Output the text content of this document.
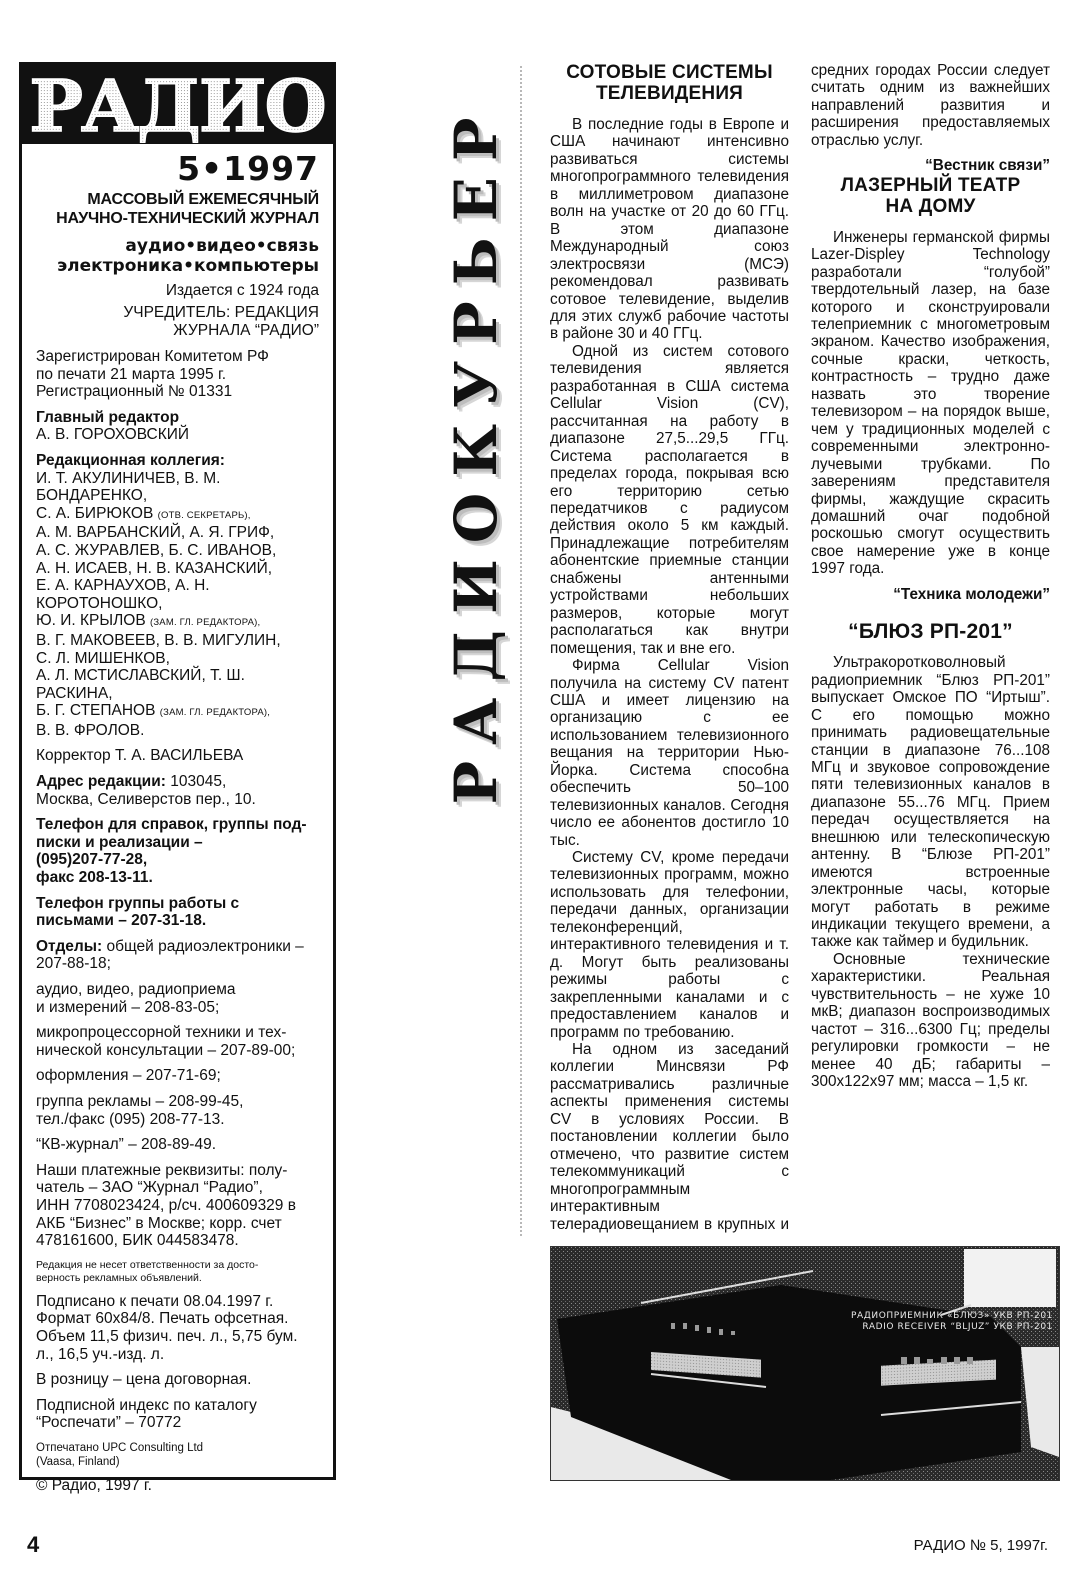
РАДИО
5•1997
МАССОВЫЙ ЕЖЕМЕСЯЧНЫЙ
НАУЧНО-ТЕХНИЧЕСКИЙ ЖУРНАЛ
аудио•видео•связь
электроника•компьютеры
Издается с 1924 года
УЧРЕДИТЕЛЬ: РЕДАКЦИЯ
ЖУРНАЛА “РАДИО”
Зарегистрирован Комитетом РФ
по печати 21 марта 1995 г.
Регистрационный № 01331
Главный редактор
А. В. ГОРОХОВСКИЙ
Редакционная коллегия:
И. Т. АКУЛИНИЧЕВ, В. М. БОНДАРЕНКО,
С. А. БИРЮКОВ (ОТВ. СЕКРЕТАРЬ),
А. М. ВАРБАНСКИЙ, А. Я. ГРИФ,
А. С. ЖУРАВЛЕВ, Б. С. ИВАНОВ,
А. Н. ИСАЕВ, Н. В. КАЗАНСКИЙ,
Е. А. КАРНАУХОВ, А. Н. КОРОТОНОШКО,
Ю. И. КРЫЛОВ (ЗАМ. ГЛ. РЕДАКТОРА),
В. Г. МАКОВЕЕВ, В. В. МИГУЛИН,
С. Л. МИШЕНКОВ,
А. Л. МСТИСЛАВСКИЙ, Т. Ш. РАСКИНА,
Б. Г. СТЕПАНОВ (ЗАМ. ГЛ. РЕДАКТОРА),
В. В. ФРОЛОВ.
Корректор Т. А. ВАСИЛЬЕВА
Адрес редакции: 103045,
Москва, Селиверстов пер., 10.
Телефон для справок, группы под-
писки и реализации –
(095)207-77-28,
факс 208-13-11.
Телефон группы работы с
письмами – 207-31-18.
Отделы: общей радиоэлектроники –
207-88-18;
аудио, видео, радиоприема
и измерений – 208-83-05;
микропроцессорной техники и тех-
нической консультации – 207-89-00;
оформления – 207-71-69;
группа рекламы – 208-99-45,
тел./факс (095) 208-77-13.
“КВ-журнал” – 208-89-49.
Наши платежные реквизиты: полу-
чатель – ЗАО “Журнал “Радио”,
ИНН 7708023424, р/сч. 400609329 в
АКБ “Бизнес” в Москве; корр. счет
478161600, БИК 044583478.
Редакция не несет ответственности за досто-
верность рекламных объявлений.
Подписано к печати 08.04.1997 г.
Формат 60x84/8. Печать офсетная.
Объем 11,5 физич. печ. л., 5,75 бум.
л., 16,5 уч.-изд. л.
В розницу – цена договорная.
Подписной индекс по каталогу
“Роспечати” – 70772
Отпечатано UPC Consulting Ltd
(Vaasa, Finland)
© Радио, 1997 г.
РАДИОКУРЬЕР
СОТОВЫЕ СИСТЕМЫ
ТЕЛЕВИДЕНИЯ

В последние годы в Европе и США начинают интенсивно развиваться системы многопрограммного телевидения в миллиметровом диапазоне волн на участке от 20 до 60 ГГц. В этом диапазоне Международный союз электросвязи (МСЭ) рекомендовал развивать сотовое телевидение, выделив для этих служб рабочие частоты в районе 30 и 40 ГГц.

Одной из систем сотового телевидения является разработанная в США система Cellular Vision (CV), рассчитанная на работу в диапазоне 27,5...29,5 ГГц. Система располагается в пределах города, покрывая всю его территорию сетью передатчиков с радиусом действия около 5 км каждый. Принадлежащие потребителям абонентские приемные станции снабжены антенными устройствами небольших размеров, которые могут располагаться как внутри помещения, так и вне его.

Фирма Cellular Vision получила на систему CV патент США и имеет лицензию на организацию с ее использованием телевизионного вещания на территории Нью-Йорка. Система способна обеспечить 50–100 телевизионных каналов. Сегодня число ее абонентов достигло 10 тыс.

Систему CV, кроме передачи телевизионных программ, можно использовать для телефонии, передачи данных, организации телеконференций, интерактивного телевидения и т. д. Могут быть реализованы режимы работы с закрепленными каналами и с предоставлением каналов и программ по требованию.

На одном из заседаний коллегии Минсвязи РФ рассматривались различные аспекты применения системы CV в условиях России. В постановлении коллегии было отмечено, что развитие систем телекоммуникаций с многопрограммным интерактивным телерадиовещанием в крупных и средних городах России следует считать одним из важнейших направлений развития и расширения предоставляемых отраслью услуг.

“Вестник связи”

ЛАЗЕРНЫЙ ТЕАТР
НА ДОМУ

Инженеры германской фирмы Lazer-Displey Technology разработали “голубой” твердотельный лазер, на базе которого и сконструировали телеприемник с многометровым экраном. Качество изображения, сочные краски, четкость, контрастность – трудно даже назвать это творение телевизором – на порядок выше, чем у традиционных моделей с современными электронно-лучевыми трубками. По заверениям представителя фирмы, жаждущие скрасить домашний очаг подобной роскошью смогут осуществить свое намерение уже в конце 1997 года.

“Техника молодежи”

“БЛЮЗ РП-201”

Ультракоротковолновый радиоприемник “Блюз РП-201” выпускает Омское ПО “Иртыш”. С его помощью можно принимать радиовещательные станции в диапазоне 76...108 МГц и звуковое сопровождение пяти телевизионных каналов в диапазоне 55...76 МГц. Прием передач осуществляется на внешнюю или телескопическую антенну. В “Блюзе РП-201” имеются встроенные электронные часы, которые могут работать в режиме индикации текущего времени, а также как таймер и будильник.

Основные технические характеристики. Реальная чувствительность – не хуже 10 мкВ; диапазон воспроизводимых частот – 316...6300 Гц; пределы регулировки громкости – не менее 40 дБ; габариты – 300x122x97 мм; масса – 1,5 кг.

РАДИОПРИЕМНИК «БЛЮЗ» УКВ РП-201
RADIO RECEIVER “BLJUZ” УКВ РП-201
4	РАДИО № 5, 1997г.
